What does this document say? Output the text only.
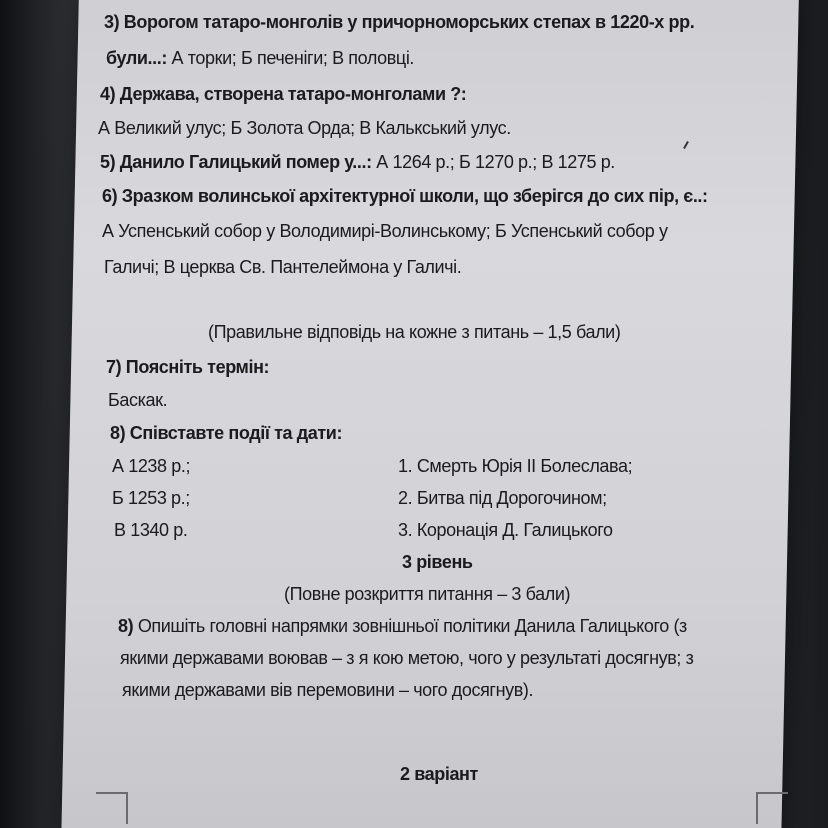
3) Ворогом татаро-монголів у причорноморських степах в 1220-х рр.
були...: А торки; Б печеніги; В половці.
4) Держава, створена татаро-монголами ?:
А Великий улус; Б Золота Орда; В Калькський улус.
5) Данило Галицький помер у...: А 1264 р.; Б 1270 р.; В 1275 р.
6) Зразком волинської архітектурної школи, що зберігся до сих пір, є..:
А Успенський собор у Володимирі-Волинському; Б Успенський собор у
Галичі; В церква Св. Пантелеймона у Галичі.
(Правильне відповідь на кожне з питань – 1,5 бали)
7) Поясніть термін:
Баскак.
8) Співставте події та дати:
А 1238 р.;	1. Смерть Юрія II Болеслава;
Б 1253 р.;	2. Битва під Дорогочином;
В 1340 р.	3. Коронація Д. Галицького
3 рівень
(Повне розкриття питання – 3 бали)
8) Опишіть головні напрямки зовнішньої політики Данила Галицького (з
якими державами воював – з я кою метою, чого у результаті досягнув; з
якими державами вів перемовини – чого досягнув).
2 варіант
